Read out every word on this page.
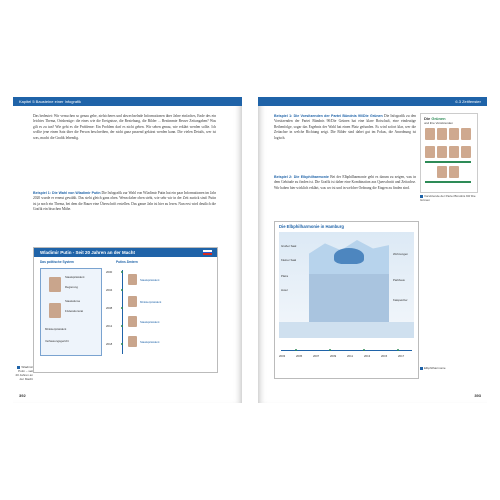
Kapitel 5 Bausteine einer Infografik
Das bedeutet: Wir versuchen so genau gehe, zielsicheres und abwechselnde Informationen über Jahre einfaches, Ende des ein leichtes Thema, Ortsbezüge: die eines wie die Ereignisse, die Beziehung, die Bilder ... Bestimmte Besser Zeitangaben? Was gilt es zu tun? Wie geht es die Probleme: Ein Problem darf es nicht geben. Wir sehen genau, wie erklärt werden sollte. Ich wollte jene einen Satz über die Person beschreiben, der nicht ganz passend gekürzt werden kann. Die vielen Details, wer ist was, macht die Grafik lebendig.
Beispiel 1: Die Wahl von Wladimir Putin Die Infografik zur Wahl von Wladimir Putin hat ein paar Informationen im Jahr 2020 wurde er erneut gewählt. Das steht gleich ganz oben. Wenn daher oben steht, wie sehr wir in der Zeit zurück sind: Putin ist ja noch ein Thema, bei dem die Bauer eine Überschrift erstellen. Das ganze Jahr ist hier zu lesen. Nun erst wird deutlich die Grafik ein bisschen Mühe.
Wladimir Putin - Seit 20 Jahren an der Macht
Das politische System	Putins Ämtern
Staatspräsident
Regierung
Staatsduma
Föderationsrat
Ministerpräsident
Verfassungsgericht
2000
2004
2008
2012
2018
Staatspräsident
Ministerpräsident
Staatspräsident
Staatspräsident
Wladimir Putin – seit 20 Jahren an der Macht
392
6.3 Zeitfenster
Beispiel 1: Die Vorsitzenden der Partei Bündnis 90/Die Grünen Die Infografik zu den Vorsitzenden der Partei Bündnis 90/Die Grünen hat eine klare Botschaft, eine eindeutige Reihenfolge, sogar das Ergebnis der Wahl hat einen Platz gefunden. Es wird sofort klar, wer die Zeitachse in welche Richtung zeigt. Die Bilder sind dabei gut im Fokus, die Anordnung ist logisch.
Beispiel 2: Die Elbphilharmonie Bei der Elbphilharmonie geht es darum zu zeigen, was in dem Gebäude zu finden ist. Die Grafik ist daher eine Kombination aus Querschnitt und Zeitachse. Wir haben hier wirklich erklärt, was wo ist und in welcher Ordnung die Etagen zu finden sind.
Die Grünen
und ihre Vorsitzenden
Vorsitzende der Partei Bündnis 90/ Die Grünen
Die Elbphilharmonie in Hamburg
Großer Saal
Kleiner Saal
Plaza
Hotel
Wohnungen
Parkhaus
Kaispeicher
2003	2005	2007	2009	2011	2013	2015	2017
Elbphilharmonie
393
